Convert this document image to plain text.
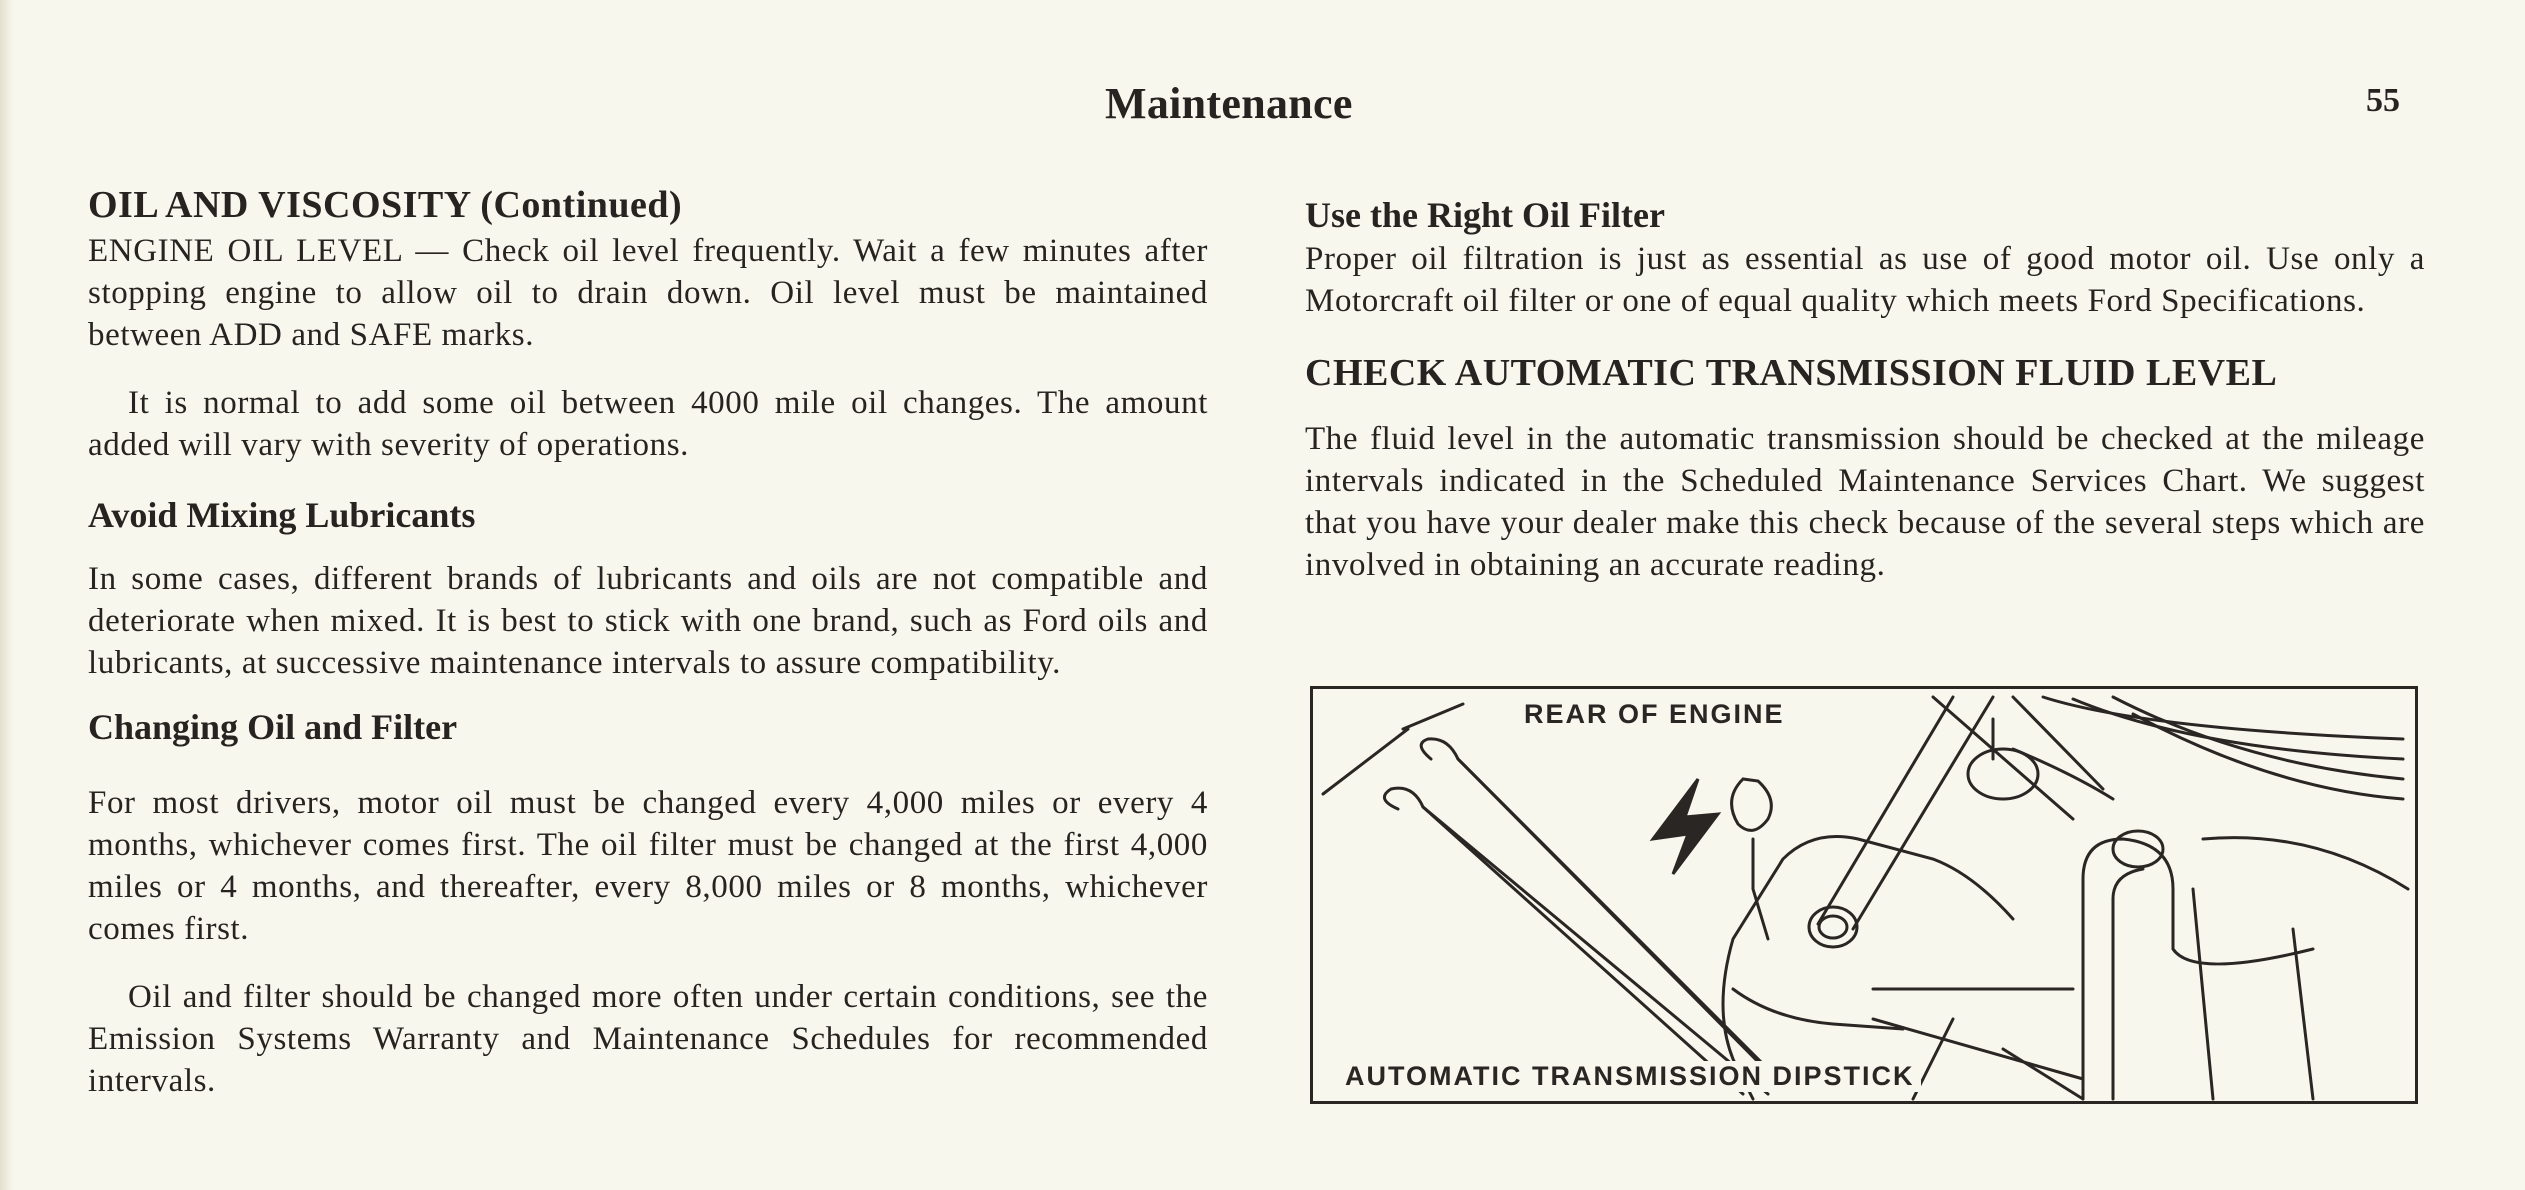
Maintenance	55
OIL AND VISCOSITY (Continued)

ENGINE OIL LEVEL — Check oil level frequently. Wait a few minutes after stopping engine to allow oil to drain down. Oil level must be maintained between ADD and SAFE marks.

It is normal to add some oil between 4000 mile oil changes. The amount added will vary with severity of operations.

Avoid Mixing Lubricants

In some cases, different brands of lubricants and oils are not compatible and deteriorate when mixed. It is best to stick with one brand, such as Ford oils and lubricants, at successive maintenance intervals to assure compatibility.

Changing Oil and Filter

For most drivers, motor oil must be changed every 4,000 miles or every 4 months, whichever comes first. The oil filter must be changed at the first 4,000 miles or 4 months, and thereafter, every 8,000 miles or 8 months, whichever comes first.

Oil and filter should be changed more often under certain conditions, see the Emission Systems Warranty and Maintenance Schedules for recommended intervals.

Use the Right Oil Filter

Proper oil filtration is just as essential as use of good motor oil. Use only a Motorcraft oil filter or one of equal quality which meets Ford Specifications.

CHECK AUTOMATIC TRANSMISSION FLUID LEVEL

The fluid level in the automatic transmission should be checked at the mileage intervals indicated in the Scheduled Maintenance Services Chart. We suggest that you have your dealer make this check because of the several steps which are involved in obtaining an accurate reading.

REAR OF ENGINE
AUTOMATIC TRANSMISSION DIPSTICK
